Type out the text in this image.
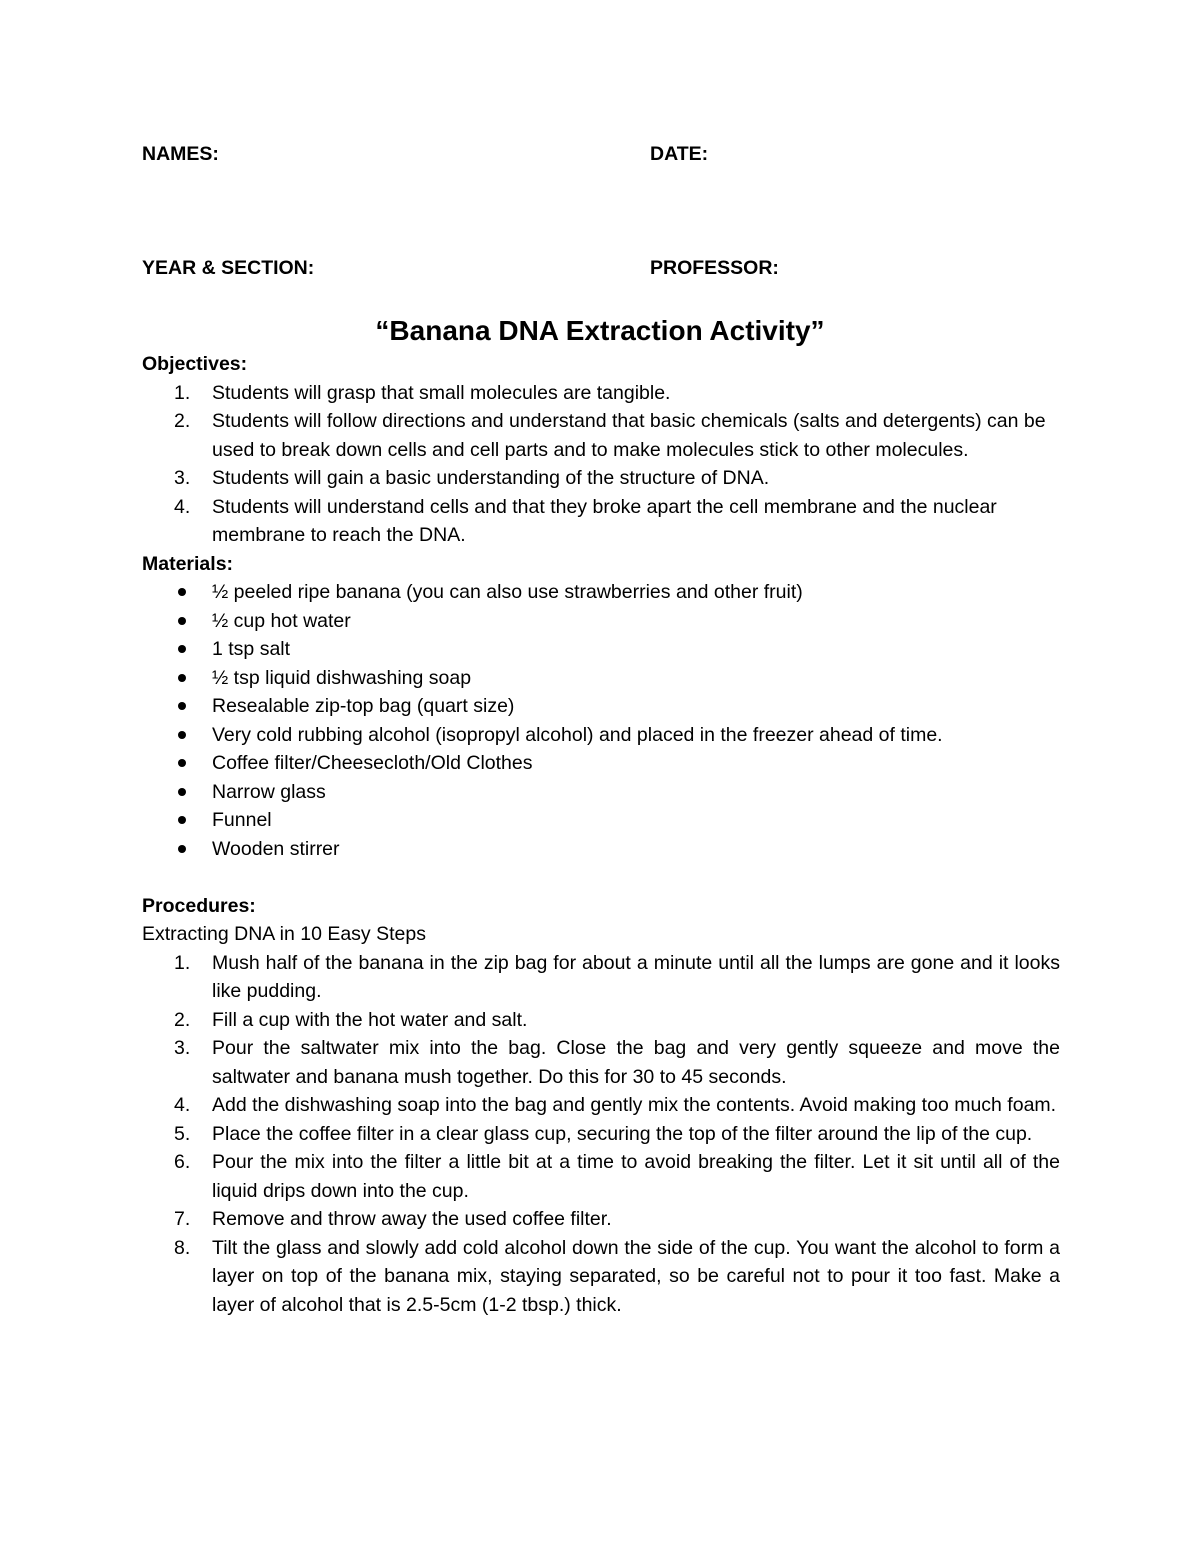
NAMES:	DATE:
YEAR & SECTION:	PROFESSOR:
“Banana DNA Extraction Activity”

Objectives:

1.	Students will grasp that small molecules are tangible.
2.	Students will follow directions and understand that basic chemicals (salts and detergents) can be used to break down cells and cell parts and to make molecules stick to other molecules.
3.	Students will gain a basic understanding of the structure of DNA.
4.	Students will understand cells and that they broke apart the cell membrane and the nuclear membrane to reach the DNA.

Materials:

½ peeled ripe banana (you can also use strawberries and other fruit)
½ cup hot water
1 tsp salt
½ tsp liquid dishwashing soap
Resealable zip-top bag (quart size)
Very cold rubbing alcohol (isopropyl alcohol) and placed in the freezer ahead of time.
Coffee filter/Cheesecloth/Old Clothes
Narrow glass
Funnel
Wooden stirrer

Procedures:

Extracting DNA in 10 Easy Steps

1.	Mush half of the banana in the zip bag for about a minute until all the lumps are gone and it looks like pudding.
2.	Fill a cup with the hot water and salt.
3.	Pour the saltwater mix into the bag. Close the bag and very gently squeeze and move the saltwater and banana mush together. Do this for 30 to 45 seconds.
4.	Add the dishwashing soap into the bag and gently mix the contents. Avoid making too much foam.
5.	Place the coffee filter in a clear glass cup, securing the top of the filter around the lip of the cup.
6.	Pour the mix into the filter a little bit at a time to avoid breaking the filter. Let it sit until all of the liquid drips down into the cup.
7.	Remove and throw away the used coffee filter.
8.	Tilt the glass and slowly add cold alcohol down the side of the cup. You want the alcohol to form a layer on top of the banana mix, staying separated, so be careful not to pour it too fast. Make a layer of alcohol that is 2.5-5cm (1-2 tbsp.) thick.
